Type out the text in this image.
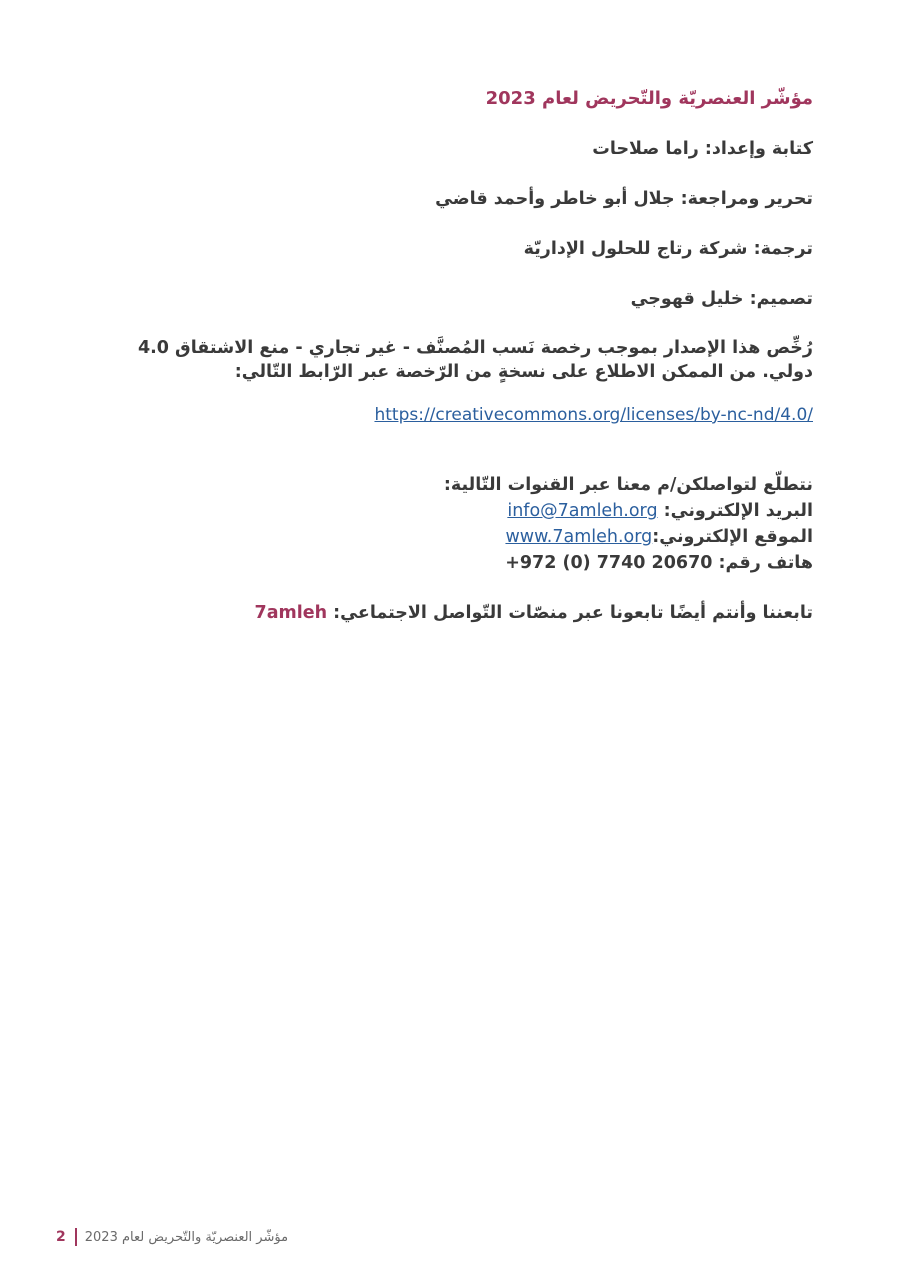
مؤشّر العنصريّة والتّحريض لعام 2023
كتابة وإعداد: راما صلاحات
تحرير ومراجعة: جلال أبو خاطر وأحمد قاضي
ترجمة: شركة رتاج للحلول الإداريّة
تصميم: خليل قهوجي
رُخِّص هذا الإصدار بموجب رخصة نَسب المُصنَّف - غير تجاري - منع الاشتقاق 4.0 دولي. من الممكن الاطلاع على نسخةٍ من الرّخصة عبر الرّابط التّالي:
https://creativecommons.org/licenses/by-nc-nd/4.0/
نتطلّع لتواصلكن/م معنا عبر القنوات التّالية:
البريد الإلكتروني: info@7amleh.org
الموقع الإلكتروني:www.7amleh.org
هاتف رقم: +972 (0) 7740 20670
تابعننا وأنتم أيضًا تابعونا عبر منصّات التّواصل الاجتماعي: 7amleh
2 مؤشّر العنصريّة والتّحريض لعام 2023
